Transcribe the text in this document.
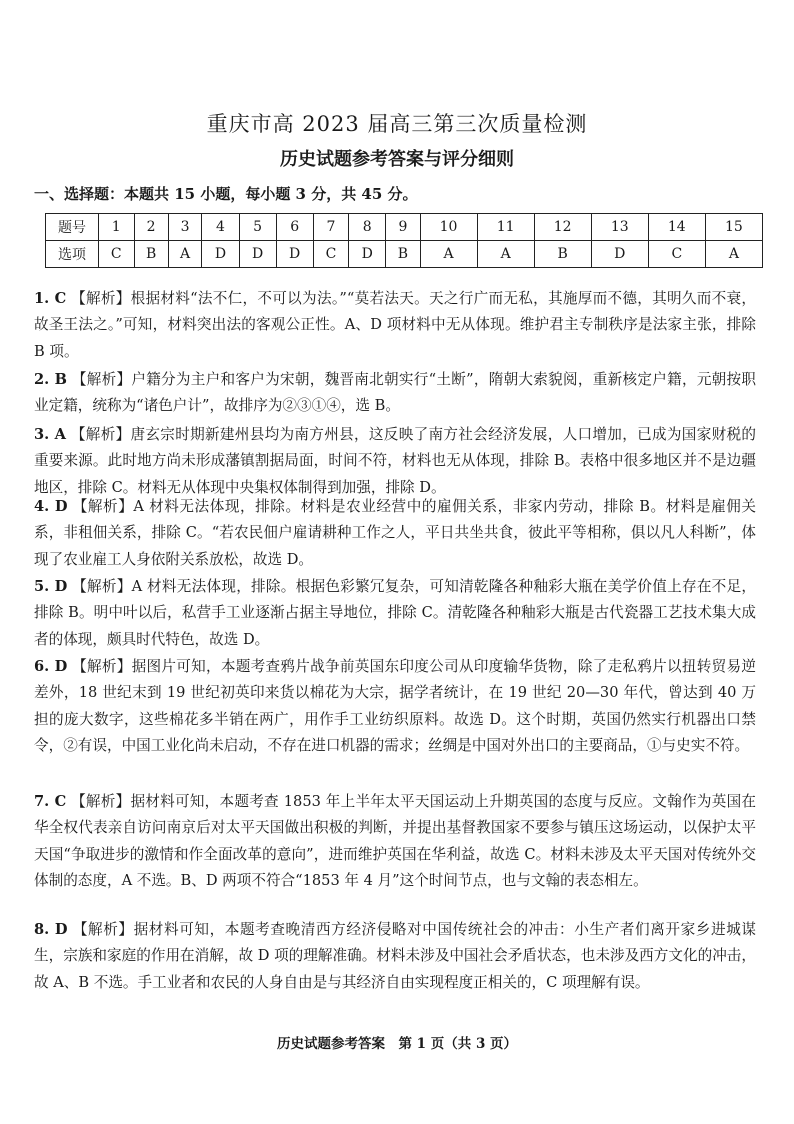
重庆市高 2023 届高三第三次质量检测
历史试题参考答案与评分细则
一、选择题：本题共 15 小题，每小题 3 分，共 45 分。
题号	1	2	3	4	5	6	7	8	9	10	11	12	13	14	15
选项	C	B	A	D	D	D	C	D	B	A	A	B	D	C	A
1. C 【解析】根据材料“法不仁，不可以为法。”“莫若法天。天之行广而无私，其施厚而不德，其明久而不衰，故圣王法之。”可知，材料突出法的客观公正性。A、D 项材料中无从体现。维护君主专制秩序是法家主张，排除 B 项。
2. B 【解析】户籍分为主户和客户为宋朝，魏晋南北朝实行“土断”，隋朝大索貌阅，重新核定户籍，元朝按职业定籍，统称为“诸色户计”，故排序为②③①④，选 B。
3. A 【解析】唐玄宗时期新建州县均为南方州县，这反映了南方社会经济发展，人口增加，已成为国家财税的重要来源。此时地方尚未形成藩镇割据局面，时间不符，材料也无从体现，排除 B。表格中很多地区并不是边疆地区，排除 C。材料无从体现中央集权体制得到加强，排除 D。
4. D 【解析】A 材料无法体现，排除。材料是农业经营中的雇佣关系，非家内劳动，排除 B。材料是雇佣关系，非租佃关系，排除 C。“若农民佃户雇请耕种工作之人，平日共坐共食，彼此平等相称，俱以凡人科断”，体现了农业雇工人身依附关系放松，故选 D。
5. D 【解析】A 材料无法体现，排除。根据色彩繁冗复杂，可知清乾隆各种釉彩大瓶在美学价值上存在不足，排除 B。明中叶以后，私营手工业逐渐占据主导地位，排除 C。清乾隆各种釉彩大瓶是古代瓷器工艺技术集大成者的体现，颇具时代特色，故选 D。
6. D 【解析】据图片可知，本题考查鸦片战争前英国东印度公司从印度输华货物，除了走私鸦片以扭转贸易逆差外，18 世纪末到 19 世纪初英印来货以棉花为大宗，据学者统计，在 19 世纪 20—30 年代，曾达到 40 万担的庞大数字，这些棉花多半销在两广，用作手工业纺织原料。故选 D。这个时期，英国仍然实行机器出口禁令，②有误，中国工业化尚未启动，不存在进口机器的需求；丝绸是中国对外出口的主要商品，①与史实不符。
7. C 【解析】据材料可知，本题考查 1853 年上半年太平天国运动上升期英国的态度与反应。文翰作为英国在华全权代表亲自访问南京后对太平天国做出积极的判断，并提出基督教国家不要参与镇压这场运动，以保护太平天国“争取进步的激情和作全面改革的意向”，进而维护英国在华利益，故选 C。材料未涉及太平天国对传统外交体制的态度，A 不选。B、D 两项不符合“1853 年 4 月”这个时间节点，也与文翰的表态相左。
8. D 【解析】据材料可知，本题考查晚清西方经济侵略对中国传统社会的冲击：小生产者们离开家乡进城谋生，宗族和家庭的作用在消解，故 D 项的理解准确。材料未涉及中国社会矛盾状态，也未涉及西方文化的冲击，故 A、B 不选。手工业者和农民的人身自由是与其经济自由实现程度正相关的，C 项理解有误。
历史试题参考答案　第 1 页（共 3 页）
